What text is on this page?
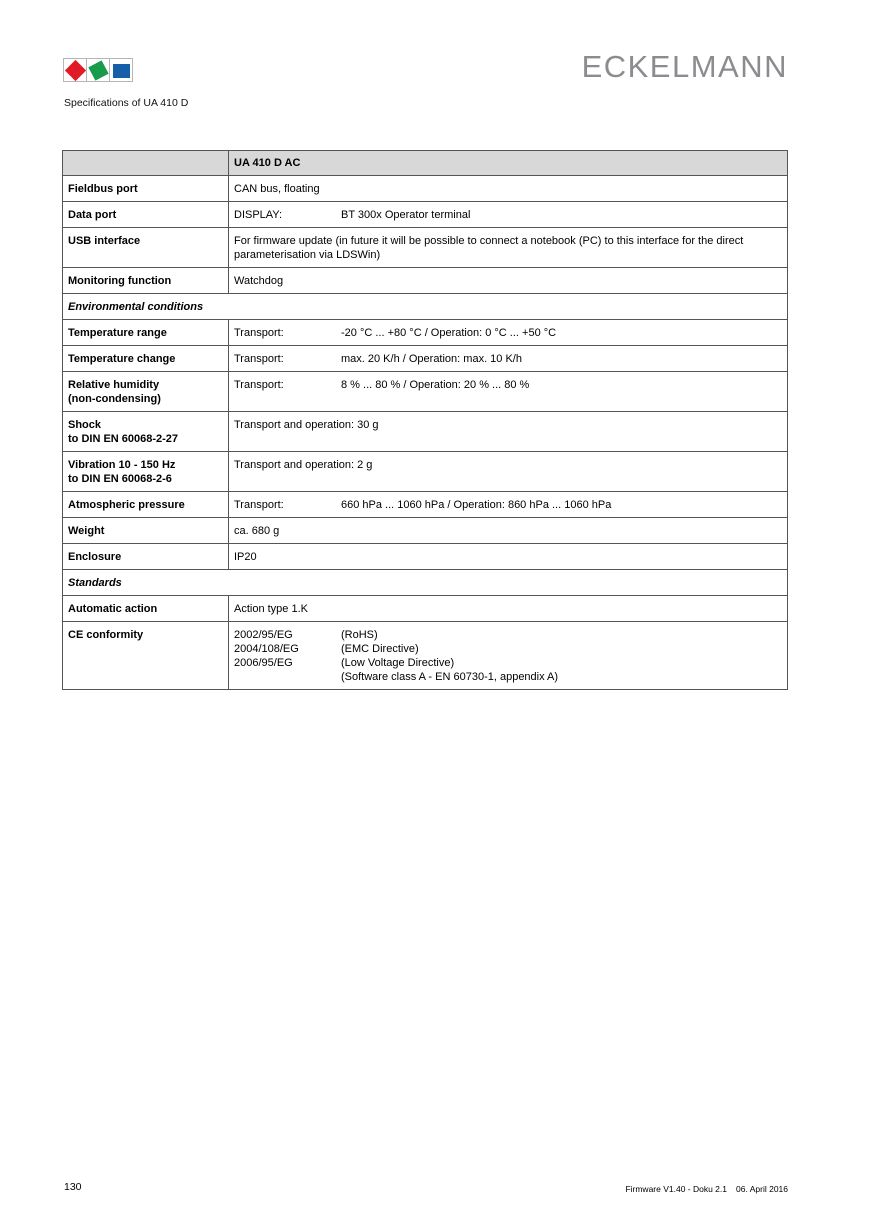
ECKELMANN
Specifications of UA 410 D
	UA 410 D AC
Fieldbus port	CAN bus, floating

Data port	DISPLAY: BT 300x Operator terminal

USB interface	For firmware update (in future it will be possible to connect a notebook (PC) to this interface for the direct parameterisation via LDSWin)

Monitoring function	Watchdog

Environmental conditions	
Temperature range	Transport: -20 °C ... +80 °C / Operation: 0 °C ... +50 °C

Temperature change	Transport: max. 20 K/h / Operation: max. 10 K/h

Relative humidity
(non-condensing)	Transport: 8 % ... 80 % / Operation: 20 % ... 80 %

Shock
to DIN EN 60068-2-27	Transport and operation: 30 g

Vibration 10 - 150 Hz
to DIN EN 60068-2-6	Transport and operation: 2 g

Atmospheric pressure	Transport: 660 hPa ... 1060 hPa / Operation: 860 hPa ... 1060 hPa

Weight	ca. 680 g

Enclosure	IP20

Standards	
Automatic action	Action type 1.K

CE conformity	2002/95/EG (RoHS)
2004/108/EG (EMC Directive)
2006/95/EG (Low Voltage Directive)
(Software class A - EN 60730-1, appendix A)
130	Firmware V1.40 - Doku 2.1 06. April 2016
